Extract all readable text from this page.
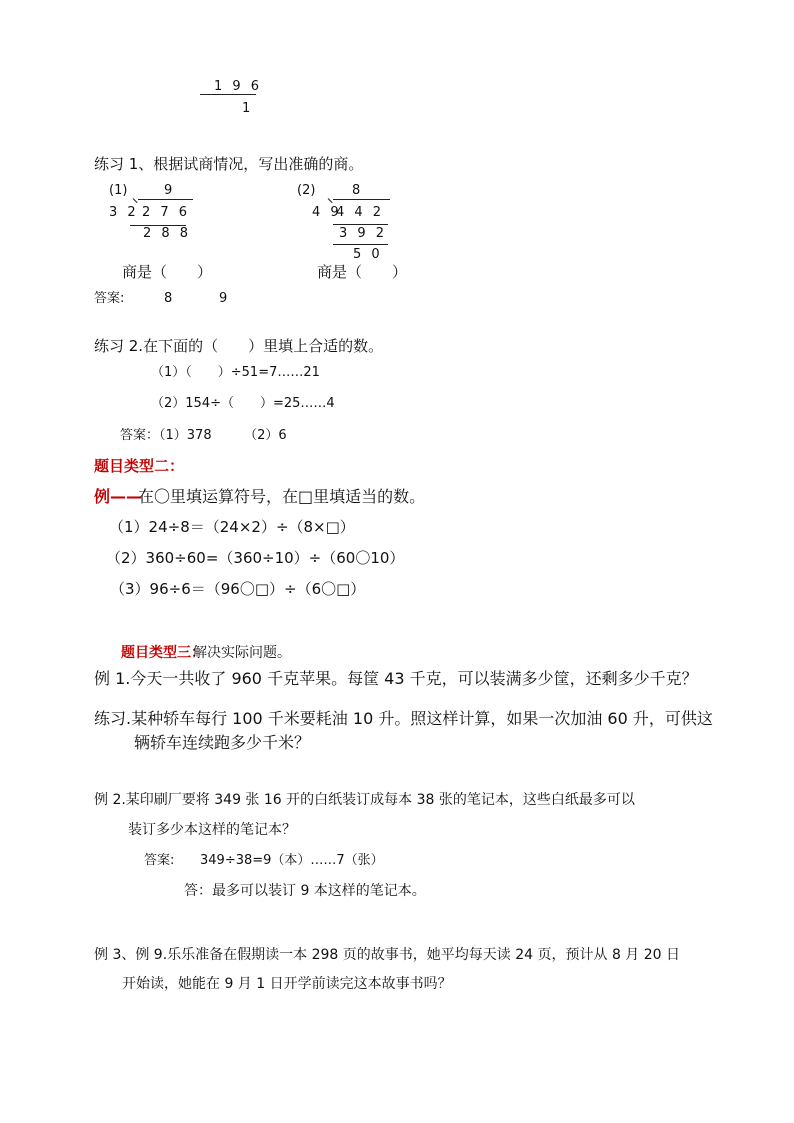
1 9 6
1
练习 1、根据试商情况，写出准确的商。
(1)	9
3 2 2 7 6
2 8 8
商是（　　）
(2)	8
4 9
4 4 2
3 9 2
5 0
商是（　　）
答案:	8	9
练习 2.在下面的（　　）里填上合适的数。
（1）（　　）÷51=7……21
（2）154÷（　　）=25……4
答案：（1）378　　　（2）6
题目类型二：
例——
在〇里填运算符号，在□里填适当的数。
（1）24÷8＝（24×2）÷（8×□）
（2）360÷60=（360÷10）÷（60〇10）
（3）96÷6＝（96〇□）÷（6〇□）
题目类型三：
解决实际问题。
例 1.今天一共收了 960 千克苹果。每筐 43 千克，可以装满多少筐，还剩多少千克？
练习.某种轿车每行 100 千米要耗油 10 升。照这样计算，如果一次加油 60 升，可供这
辆轿车连续跑多少千米？
例 2.某印刷厂要将 349 张 16 开的白纸装订成每本 38 张的笔记本，这些白纸最多可以
装订多少本这样的笔记本？
答案: 349÷38=9（本）……7（张）
答：最多可以装订 9 本这样的笔记本。
例 3、例 9.乐乐准备在假期读一本 298 页的故事书，她平均每天读 24 页，预计从 8 月 20 日
开始读，她能在 9 月 1 日开学前读完这本故事书吗？
